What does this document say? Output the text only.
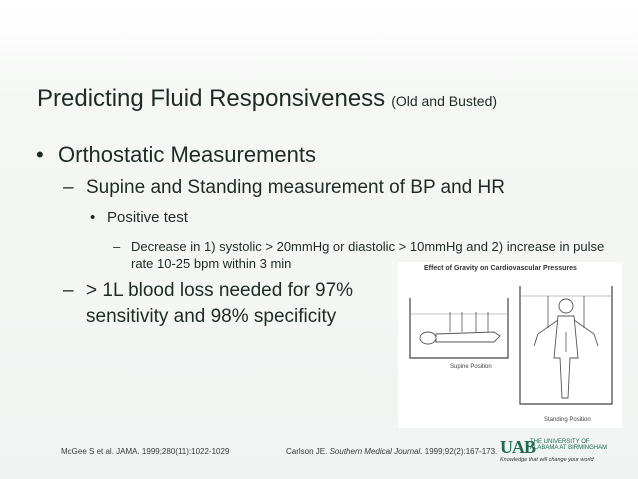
Predicting Fluid Responsiveness (Old and Busted)
• Orthostatic Measurements
– Supine and Standing measurement of BP and HR
• Positive test
– Decrease in 1) systolic > 20mmHg or diastolic > 10mmHg and 2) increase in pulse rate 10-25 bpm within 3 min
– > 1L blood loss needed for 97% sensitivity and 98% specificity
Effect of Gravity on Cardiovascular Pressures
Supine Position
Standing Position
McGee S et al. JAMA. 1999;280(11):1022-1029	Carlson JE. Southern Medical Journal. 1999;92(2):167-173. UAB
THE UNIVERSITY OF
ALABAMA AT BIRMINGHAM
Knowledge that will change your world
